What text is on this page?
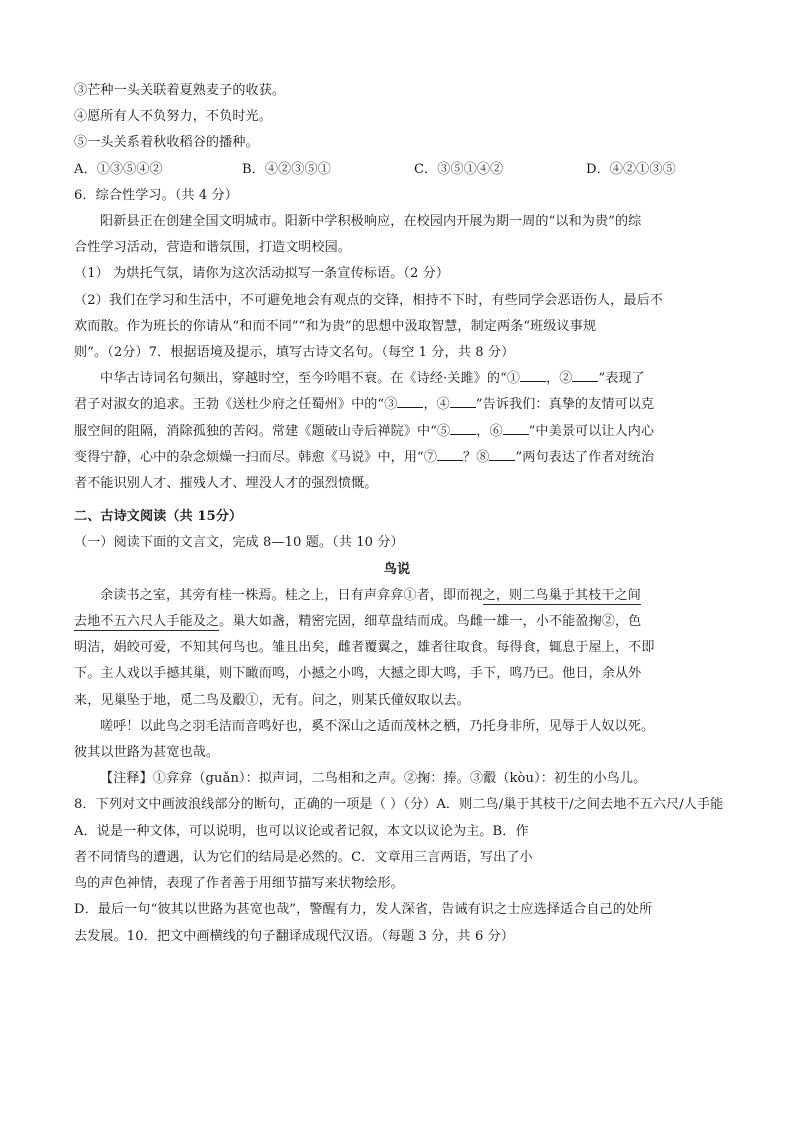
③芒种一头关联着夏熟麦子的收获。
④愿所有人不负努力，不负时光。
⑤一头关系着秋收稻谷的播种。
A．①③⑤④②	B．④②③⑤①	C．③⑤①④②	D．④②①③⑤
6．综合性学习。（共 4 分）
阳新县正在创建全国文明城市。阳新中学积极响应，在校园内开展为期一周的“以和为贵”的综
合性学习活动，营造和谐氛围，打造文明校园。
（1） 为烘托气氛，请你为这次活动拟写一条宣传标语。（2 分）
（2）我们在学习和生活中，不可避免地会有观点的交锋，相持不下时，有些同学会恶语伤人，最后不
欢而散。作为班长的你请从“和而不同”“和为贵”的思想中汲取智慧，制定两条“班级议事规
则”。（2分）7．根据语境及提示，填写古诗文名句。（每空 1 分，共 8 分）
中华古诗词名句频出，穿越时空，至今吟唱不衰。在《诗经·关雎》的“① ，② ”表现了
君子对淑女的追求。王勃《送杜少府之任蜀州》中的“③ ，④ ”告诉我们：真挚的友情可以克
服空间的阻隔，消除孤独的苦闷。常建《题破山寺后禅院》中“⑤ ，⑥ ”中美景可以让人内心
变得宁静，心中的杂念烦燥一扫而尽。韩愈《马说》中，用“⑦ ？⑧ ”两句表达了作者对统治
者不能识别人才、摧残人才、埋没人才的强烈愤慨。
二、古诗文阅读（共 15分）
（一）阅读下面的文言文，完成 8—10 题。（共 10 分）
鸟说
余读书之室，其旁有桂一株焉。桂之上，日有声弇弇①者，即而视之，则二鸟巢于其枝干之间
去地不五六尺人手能及之。巢大如盏，精密完固，细草盘结而成。鸟雌一雄一，小不能盈掬②，色
明洁，娟皎可爱，不知其何鸟也。雏且出矣，雌者覆翼之，雄者往取食。每得食，辄息于屋上，不即
下。主人戏以手撼其巢，则下瞰而鸣，小撼之小鸣，大撼之即大鸣，手下，鸣乃已。他日，余从外
来，见巢坠于地，觅二鸟及鷇①，无有。问之，则某氏僮奴取以去。
嗟呼！以此鸟之羽毛洁而音鸣好也，奚不深山之适而茂林之栖，乃托身非所，见辱于人奴以死。
彼其以世路为甚宽也哉。
【注释】①弇弇（guǎn）：拟声词，二鸟相和之声。②掬：捧。③鷇（kòu）：初生的小鸟儿。
8．下列对文中画波浪线部分的断句，正确的一项是（ ）（分）A．则二鸟/巢于其枝干/之间去地不五六尺/人手能
A．说是一种文体，可以说明，也可以议论或者记叙，本文以议论为主。B．作
者不同情鸟的遭遇，认为它们的结局是必然的。C．文章用三言两语，写出了小
鸟的声色神情，表现了作者善于用细节描写来状物绘形。
D．最后一句“彼其以世路为甚宽也哉”，警醒有力，发人深省，告诫有识之士应选择适合自己的处所
去发展。10．把文中画横线的句子翻译成现代汉语。（每题 3 分，共 6 分）
